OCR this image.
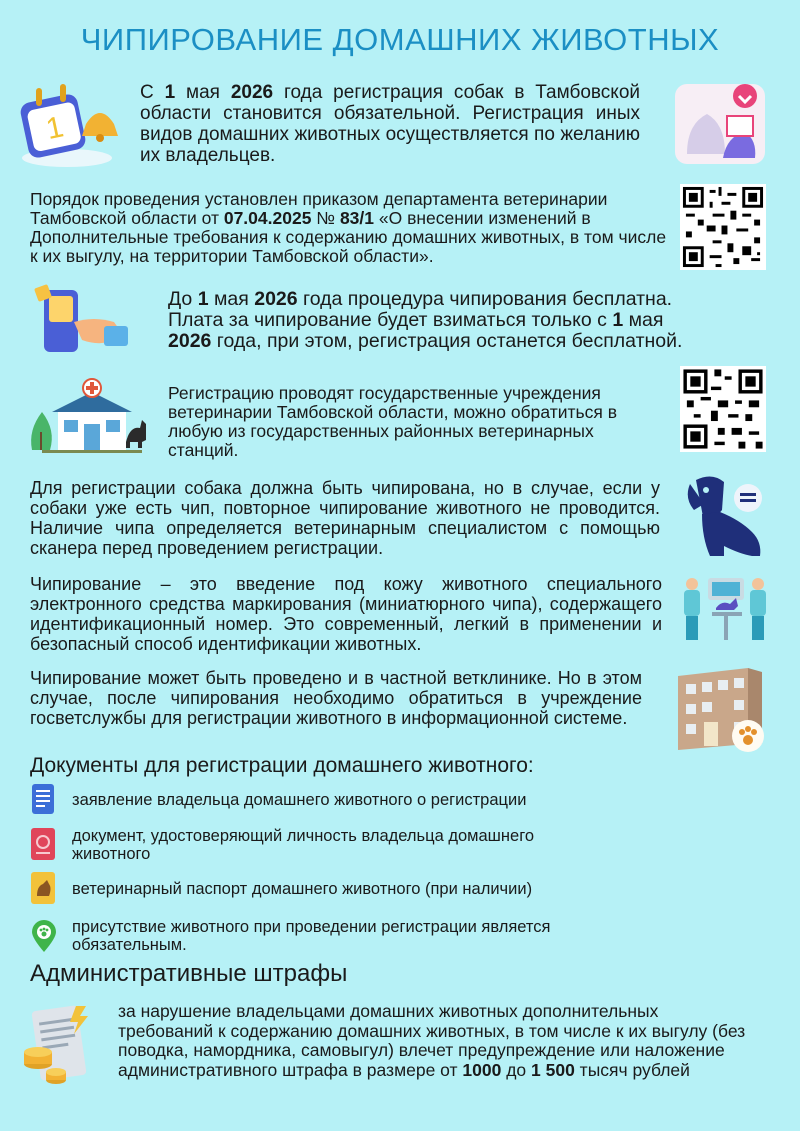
ЧИПИРОВАНИЕ ДОМАШНИХ ЖИВОТНЫХ
1
С 1 мая 2026 года регистрация собак в Тамбовской области становится обязательной. Регистрация иных видов домашних животных осуществляется по желанию их владельцев.
Порядок проведения установлен приказом департамента ветеринарии Тамбовской области от 07.04.2025 № 83/1 «О внесении изменений в Дополнительные требования к содержанию домашних животных, в том числе к их выгулу, на территории Тамбовской области».
До 1 мая 2026 года процедура чипирования бесплатна. Плата за чипирование будет взиматься только с 1 мая 2026 года, при этом, регистрация останется бесплатной.
Регистрацию проводят государственные учреждения ветеринарии Тамбовской области, можно обратиться в любую из государственных районных ветеринарных станций.
Для регистрации собака должна быть чипирована, но в случае, если у собаки уже есть чип, повторное чипирование животного не проводится. Наличие чипа определяется ветеринарным специалистом с помощью сканера перед проведением регистрации.
Чипирование – это введение под кожу животного специального электронного средства маркирования (миниатюрного чипа), содержащего идентификационный номер. Это современный, легкий в применении и безопасный способ идентификации животных.
Чипирование может быть проведено и в частной ветклинике. Но в этом случае, после чипирования необходимо обратиться в учреждение госветслужбы для регистрации животного в информационной системе.
Документы для регистрации домашнего животного:
заявление владельца домашнего животного о регистрации
документ, удостоверяющий личность владельца домашнего животного
ветеринарный паспорт домашнего животного (при наличии)
присутствие животного при проведении регистрации является обязательным.
Административные штрафы
за нарушение владельцами домашних животных дополнительных требований к содержанию домашних животных, в том числе к их выгулу (без поводка, намордника, самовыгул) влечет предупреждение или наложение административного штрафа в размере от 1000 до 1 500 тысяч рублей
